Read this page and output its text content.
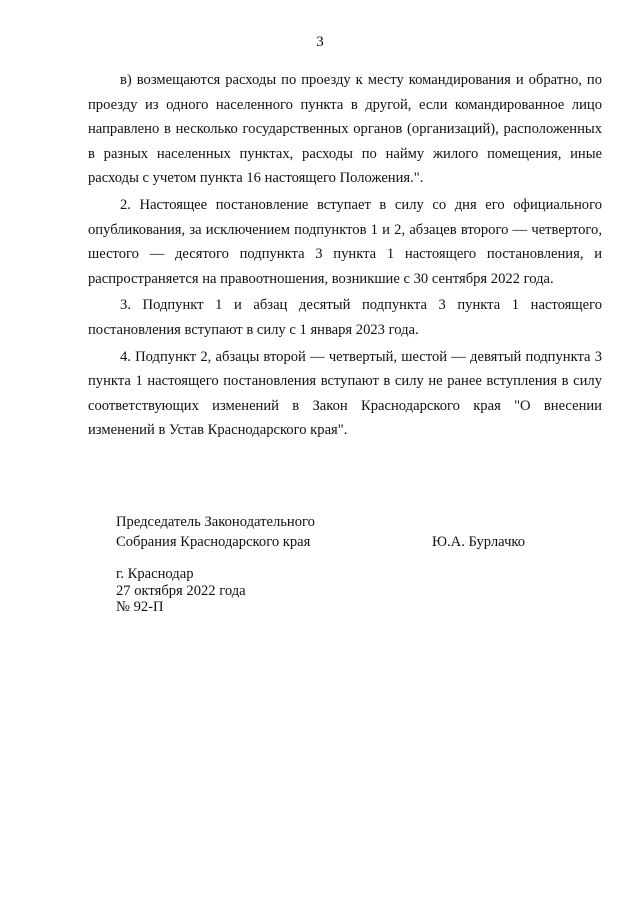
3

в) возмещаются расходы по проезду к месту командирования и обратно, по проезду из одного населенного пункта в другой, если командированное лицо направлено в несколько государственных органов (организаций), расположенных в разных населенных пунктах, расходы по найму жилого помещения, иные расходы с учетом пункта 16 настоящего Положения.".

2. Настоящее постановление вступает в силу со дня его официального опубликования, за исключением подпунктов 1 и 2, абзацев второго — четвертого, шестого — десятого подпункта 3 пункта 1 настоящего постановления, и распространяется на правоотношения, возникшие с 30 сентября 2022 года.

3. Подпункт 1 и абзац десятый подпункта 3 пункта 1 настоящего постановления вступают в силу с 1 января 2023 года.

4. Подпункт 2, абзацы второй — четвертый, шестой — девятый подпункта 3 пункта 1 настоящего постановления вступают в силу не ранее вступления в силу соответствующих изменений в Закон Краснодарского края "О внесении изменений в Устав Краснодарского края".

Председатель Законодательного
Собрания Краснодарского края	Ю.А. Бурлачко
г. Краснодар
27 октября 2022 года
№ 92-П
